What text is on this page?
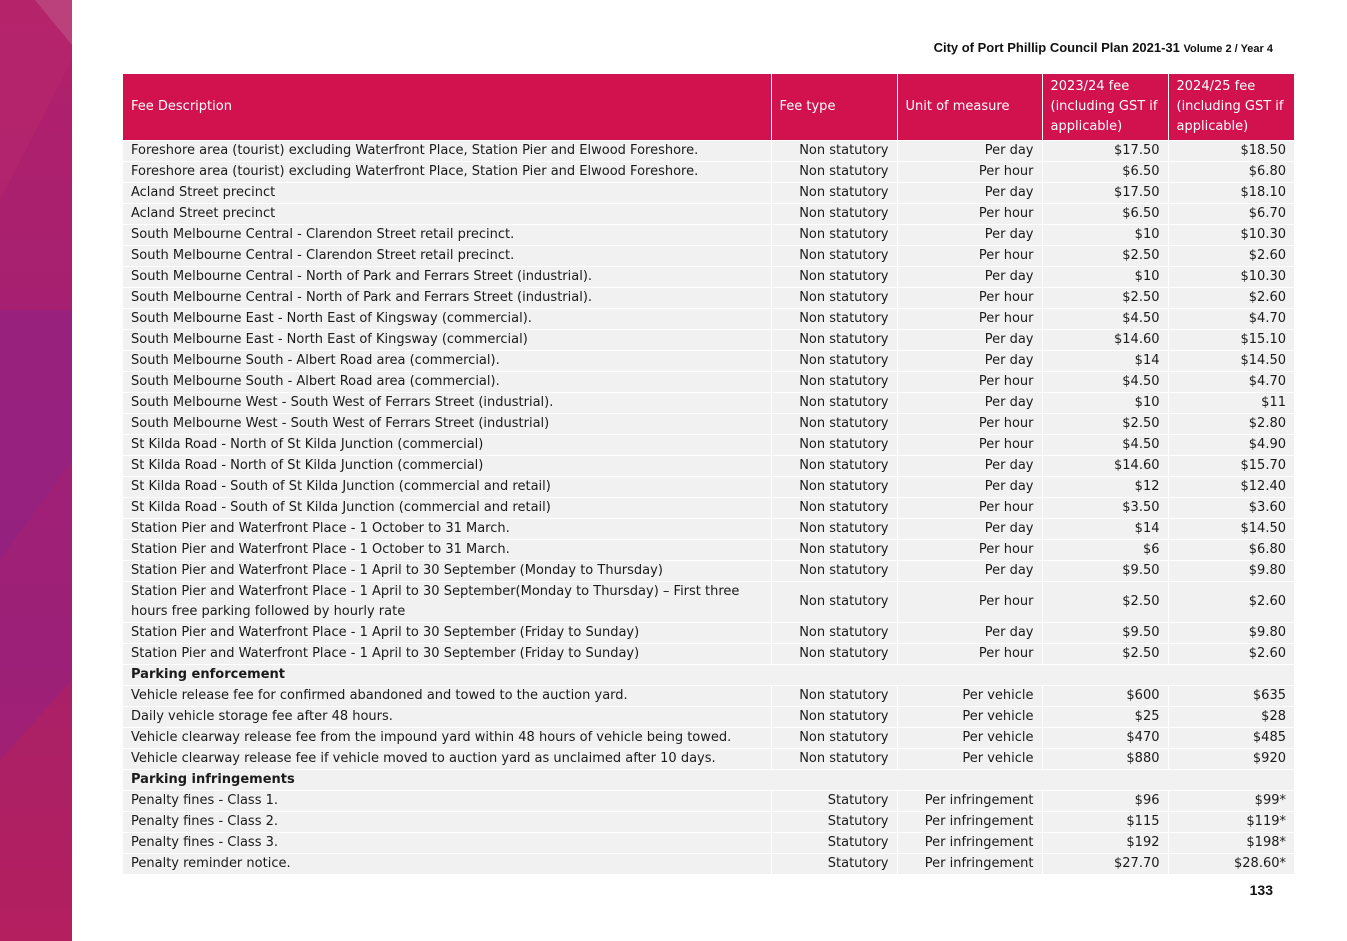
City of Port Phillip Council Plan 2021-31 Volume 2 / Year 4
Fee Description	Fee type	Unit of measure	2023/24 fee (including GST if applicable)	2024/25 fee (including GST if applicable)
Foreshore area (tourist) excluding Waterfront Place, Station Pier and Elwood Foreshore.	Non statutory	Per day	$17.50	$18.50
Foreshore area (tourist) excluding Waterfront Place, Station Pier and Elwood Foreshore.	Non statutory	Per hour	$6.50	$6.80
Acland Street precinct	Non statutory	Per day	$17.50	$18.10
Acland Street precinct	Non statutory	Per hour	$6.50	$6.70
South Melbourne Central - Clarendon Street retail precinct.	Non statutory	Per day	$10	$10.30
South Melbourne Central - Clarendon Street retail precinct.	Non statutory	Per hour	$2.50	$2.60
South Melbourne Central - North of Park and Ferrars Street (industrial).	Non statutory	Per day	$10	$10.30
South Melbourne Central - North of Park and Ferrars Street (industrial).	Non statutory	Per hour	$2.50	$2.60
South Melbourne East - North East of Kingsway (commercial).	Non statutory	Per hour	$4.50	$4.70
South Melbourne East - North East of Kingsway (commercial)	Non statutory	Per day	$14.60	$15.10
South Melbourne South - Albert Road area (commercial).	Non statutory	Per day	$14	$14.50
South Melbourne South - Albert Road area (commercial).	Non statutory	Per hour	$4.50	$4.70
South Melbourne West - South West of Ferrars Street (industrial).	Non statutory	Per day	$10	$11
South Melbourne West - South West of Ferrars Street (industrial)	Non statutory	Per hour	$2.50	$2.80
St Kilda Road - North of St Kilda Junction (commercial)	Non statutory	Per hour	$4.50	$4.90
St Kilda Road - North of St Kilda Junction (commercial)	Non statutory	Per day	$14.60	$15.70
St Kilda Road - South of St Kilda Junction (commercial and retail)	Non statutory	Per day	$12	$12.40
St Kilda Road - South of St Kilda Junction (commercial and retail)	Non statutory	Per hour	$3.50	$3.60
Station Pier and Waterfront Place - 1 October to 31 March.	Non statutory	Per day	$14	$14.50
Station Pier and Waterfront Place - 1 October to 31 March.	Non statutory	Per hour	$6	$6.80
Station Pier and Waterfront Place - 1 April to 30 September (Monday to Thursday)	Non statutory	Per day	$9.50	$9.80
Station Pier and Waterfront Place - 1 April to 30 September(Monday to Thursday) – First three hours free parking followed by hourly rate	Non statutory	Per hour	$2.50	$2.60
Station Pier and Waterfront Place - 1 April to 30 September (Friday to Sunday)	Non statutory	Per day	$9.50	$9.80
Station Pier and Waterfront Place - 1 April to 30 September (Friday to Sunday)	Non statutory	Per hour	$2.50	$2.60
Parking enforcement				
Vehicle release fee for confirmed abandoned and towed to the auction yard.	Non statutory	Per vehicle	$600	$635
Daily vehicle storage fee after 48 hours.	Non statutory	Per vehicle	$25	$28
Vehicle clearway release fee from the impound yard within 48 hours of vehicle being towed.	Non statutory	Per vehicle	$470	$485
Vehicle clearway release fee if vehicle moved to auction yard as unclaimed after 10 days.	Non statutory	Per vehicle	$880	$920
Parking infringements				
Penalty fines - Class 1.	Statutory	Per infringement	$96	$99*
Penalty fines - Class 2.	Statutory	Per infringement	$115	$119*
Penalty fines - Class 3.	Statutory	Per infringement	$192	$198*
Penalty reminder notice.	Statutory	Per infringement	$27.70	$28.60*
133
